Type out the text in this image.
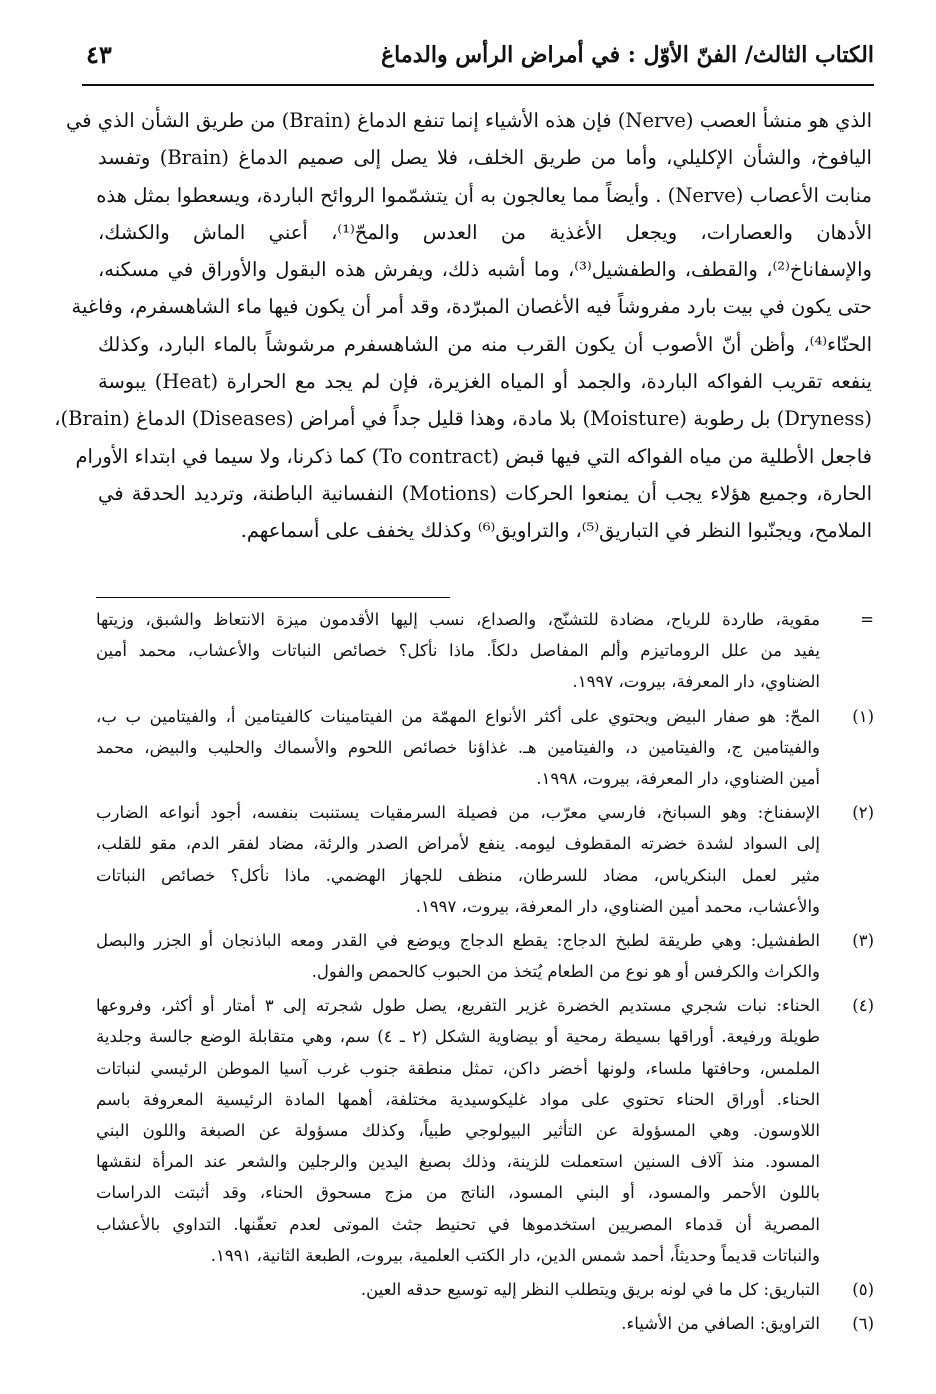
الكتاب الثالث/ الفنّ الأوّل : في أمراض الرأس والدماغ
٤٣
الذي هو منشأ العصب (Nerve) فإن هذه الأشياء إنما تنفع الدماغ (Brain) من طريق الشأن الذي في
اليافوخ، والشأن الإكليلي، وأما من طريق الخلف، فلا يصل إلى صميم الدماغ (Brain) وتفسد
منابت الأعصاب (Nerve) . وأيضاً مما يعالجون به أن يتشمّموا الروائح الباردة، ويسعطوا بمثل هذه
الأدهان والعصارات، ويجعل الأغذية من العدس والمحّ⁽¹⁾، أعني الماش والكشك،
والإسفاناخ⁽²⁾، والقطف، والطفشيل⁽³⁾، وما أشبه ذلك، ويفرش هذه البقول والأوراق في مسكنه،
حتى يكون في بيت بارد مفروشاً فيه الأغصان المبرّدة، وقد أمر أن يكون فيها ماء الشاهسفرم، وفاغية
الحنّاء⁽⁴⁾، وأظن أنّ الأصوب أن يكون القرب منه من الشاهسفرم مرشوشاً بالماء البارد، وكذلك
ينفعه تقريب الفواكه الباردة، والجمد أو المياه الغزيرة، فإن لم يجد مع الحرارة (Heat) يبوسة
(Dryness) بل رطوبة (Moisture) بلا مادة، وهذا قليل جداً في أمراض (Diseases) الدماغ (Brain)،
فاجعل الأطلية من مياه الفواكه التي فيها قبض (To contract) كما ذكرنا، ولا سيما في ابتداء الأورام
الحارة، وجميع هؤلاء يجب أن يمنعوا الحركات (Motions) النفسانية الباطنة، وترديد الحدقة في
الملامح، ويجنّبوا النظر في التباريق⁽⁵⁾، والتراويق⁽⁶⁾ وكذلك يخفف على أسماعهم.
=
مقوية، طاردة للرياح، مضادة للتشنّج، والصداع، نسب إليها الأقدمون ميزة الانتعاظ والشبق، وزيتها
يفيد من علل الروماتيزم وألم المفاصل دلكاً. ماذا نأكل؟ خصائص النباتات والأعشاب، محمد أمين
الضناوي، دار المعرفة، بيروت، ١٩٩٧.
(١)
المحّ: هو صفار البيض ويحتوي على أكثر الأنواع المهمّة من الفيتامينات كالفيتامين أ، والفيتامين ب ب،
والفيتامين ج، والفيتامين د، والفيتامين هـ. غذاؤنا خصائص اللحوم والأسماك والحليب والبيض، محمد
أمين الضناوي، دار المعرفة، بيروت، ١٩٩٨.
(٢)
الإسفناخ: وهو السبانخ، فارسي معرّب، من فصيلة السرمقيات يستنبت بنفسه، أجود أنواعه الضارب
إلى السواد لشدة خضرته المقطوف ليومه. ينفع لأمراض الصدر والرئة، مضاد لفقر الدم، مقو للقلب،
مثير لعمل البنكرياس، مضاد للسرطان، منظف للجهاز الهضمي. ماذا نأكل؟ خصائص النباتات
والأعشاب، محمد أمين الضناوي، دار المعرفة، بيروت، ١٩٩٧.
(٣)
الطفشيل: وهي طريقة لطبخ الدجاج: يقطع الدجاج ويوضع في القدر ومعه الباذنجان أو الجزر والبصل
والكراث والكرفس أو هو نوع من الطعام يُتخذ من الحبوب كالحمص والفول.
(٤)
الحناء: نبات شجري مستديم الخضرة غزير التفريع، يصل طول شجرته إلى ٣ أمتار أو أكثر، وفروعها
طويلة ورفيعة. أوراقها بسيطة رمحية أو بيضاوية الشكل (٢ ـ ٤) سم، وهي متقابلة الوضع جالسة وجلدية
الملمس، وحافتها ملساء، ولونها أخضر داكن، تمثل منطقة جنوب غرب آسيا الموطن الرئيسي لنباتات
الحناء. أوراق الحناء تحتوي على مواد غليكوسيدية مختلفة، أهمها المادة الرئيسية المعروفة باسم
اللاوسون. وهي المسؤولة عن التأثير البيولوجي طبياً، وكذلك مسؤولة عن الصبغة واللون البني
المسود. منذ آلاف السنين استعملت للزينة، وذلك بصبغ اليدين والرجلين والشعر عند المرأة لنقشها
باللون الأحمر والمسود، أو البني المسود، الناتج من مزج مسحوق الحناء، وقد أثبتت الدراسات
المصرية أن قدماء المصريين استخدموها في تحنيط جثث الموتى لعدم تعفّنها. التداوي بالأعشاب
والنباتات قديماً وحديثاً، أحمد شمس الدين، دار الكتب العلمية، بيروت، الطبعة الثانية، ١٩٩١.
(٥)
التباريق: كل ما في لونه بريق ويتطلب النظر إليه توسيع حدقه العين.
(٦)
التراويق: الصافي من الأشياء.
